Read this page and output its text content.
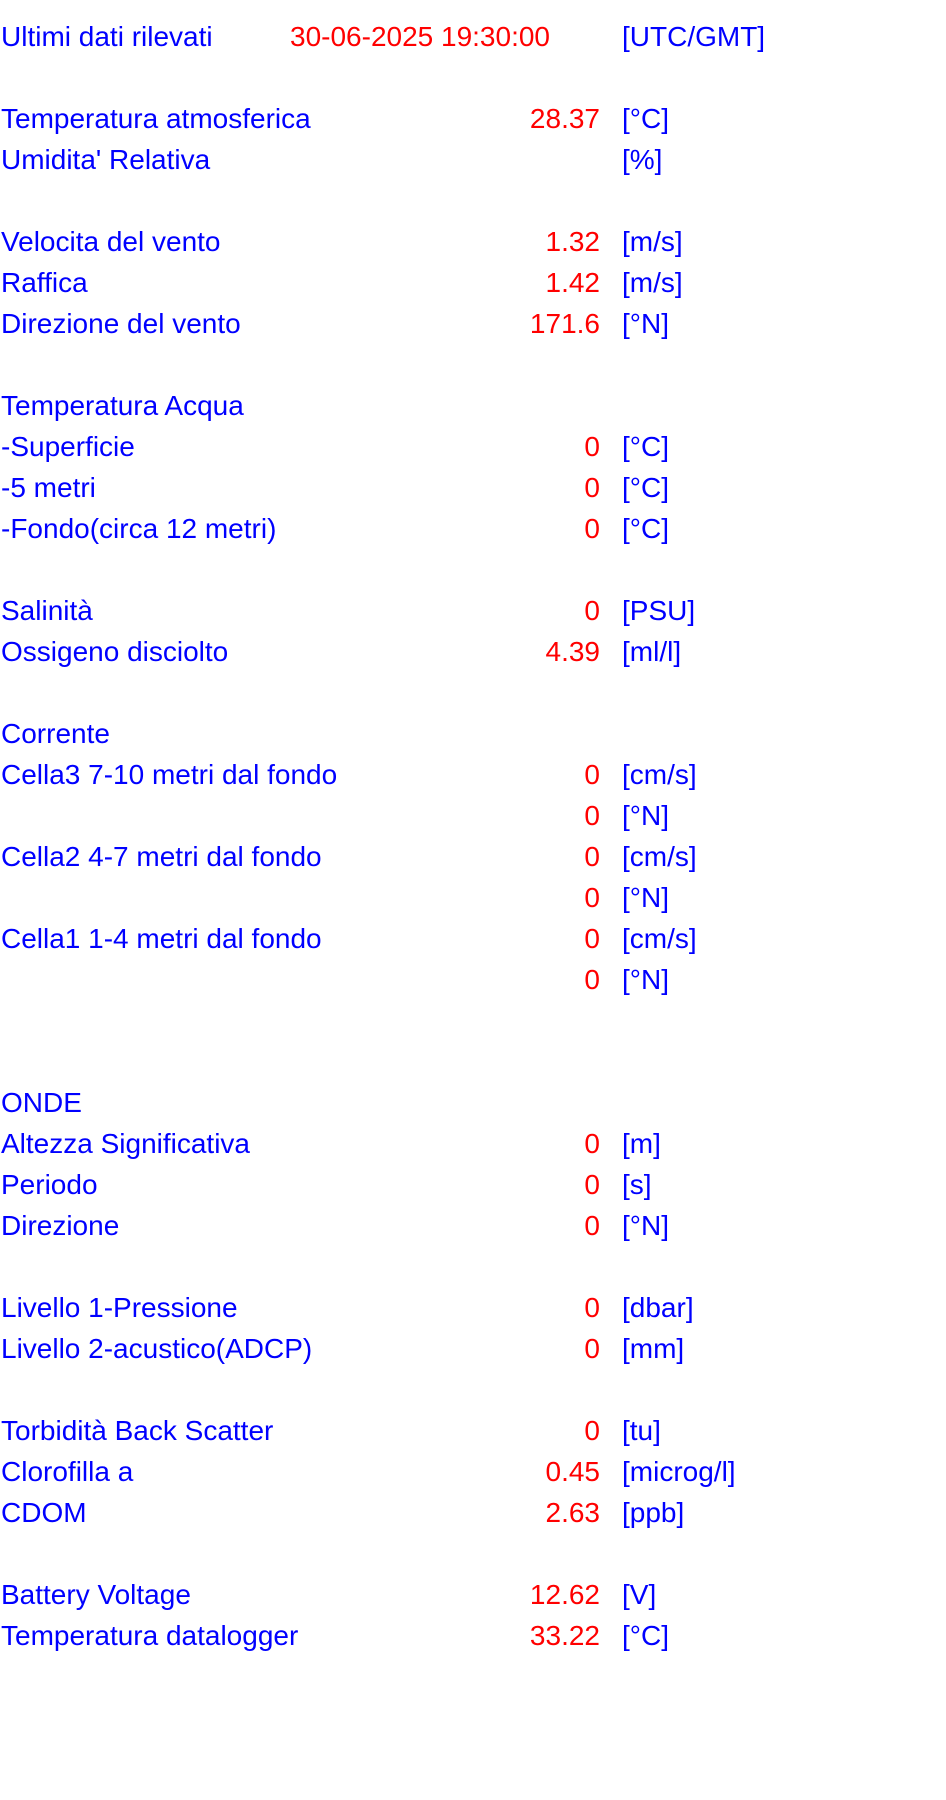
Ultimi dati rilevati	30-06-2025 19:30:00	[UTC/GMT]
Temperatura atmosferica	28.37 [°C]
Umidita' Relativa	[%]
Velocita del vento	1.32 [m/s]
Raffica	1.42 [m/s]
Direzione del vento	171.6 [°N]
Temperatura Acqua
-Superficie	0 [°C]
-5 metri	0 [°C]
-Fondo(circa 12 metri)	0 [°C]
Salinità	0 [PSU]
Ossigeno disciolto	4.39 [ml/l]
Corrente
Cella3 7-10 metri dal fondo	0 [cm/s]
0 [°N]
Cella2 4-7 metri dal fondo	0 [cm/s]
0 [°N]
Cella1 1-4 metri dal fondo	0 [cm/s]
0 [°N]
ONDE
Altezza Significativa	0 [m]
Periodo	0 [s]
Direzione	0 [°N]
Livello 1-Pressione	0 [dbar]
Livello 2-acustico(ADCP)	0 [mm]
Torbidità Back Scatter	0 [tu]
Clorofilla a	0.45 [microg/l]
CDOM	2.63 [ppb]
Battery Voltage	12.62 [V]
Temperatura datalogger	33.22 [°C]
